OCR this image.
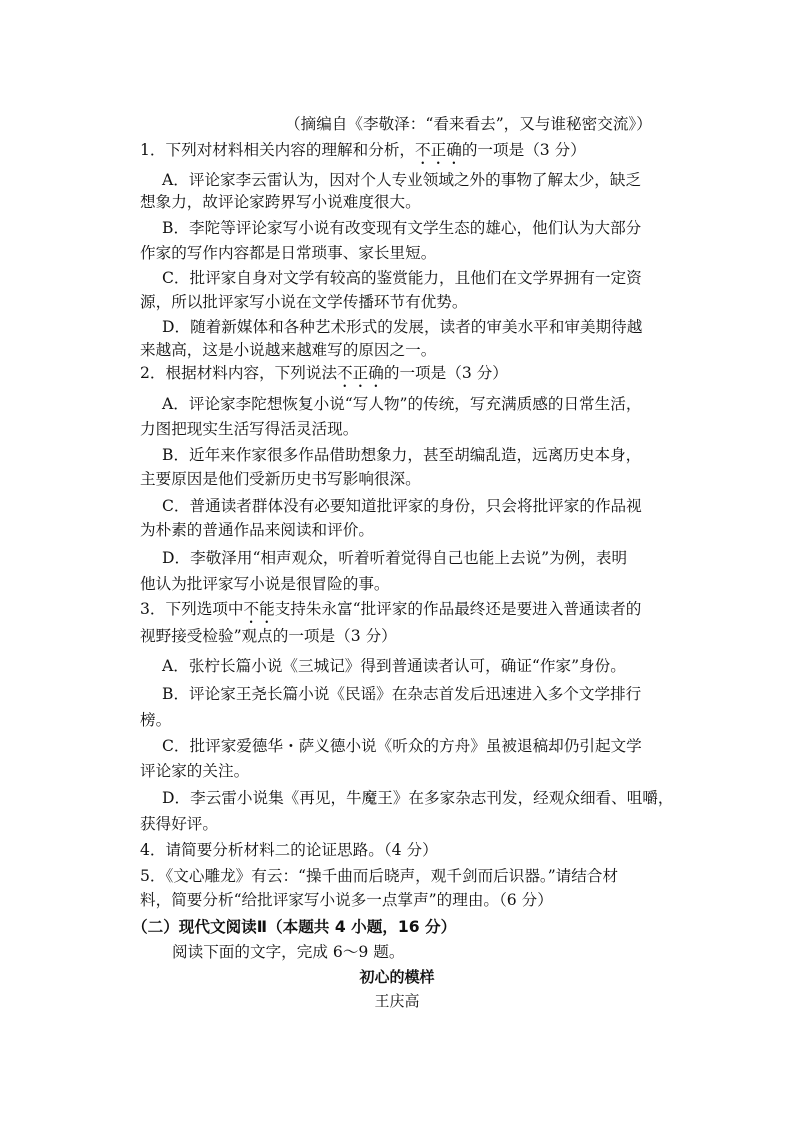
（摘编自《李敬泽：“看来看去”，又与谁秘密交流》）
1．下列对材料相关内容的理解和分析，不正确的一项是（3 分）
A．评论家李云雷认为，因对个人专业领域之外的事物了解太少，缺乏
想象力，故评论家跨界写小说难度很大。
B．李陀等评论家写小说有改变现有文学生态的雄心，他们认为大部分
作家的写作内容都是日常琐事、家长里短。
C．批评家自身对文学有较高的鉴赏能力，且他们在文学界拥有一定资
源，所以批评家写小说在文学传播环节有优势。
D．随着新媒体和各种艺术形式的发展，读者的审美水平和审美期待越
来越高，这是小说越来越难写的原因之一。
2．根据材料内容，下列说法不正确的一项是（3 分）
A．评论家李陀想恢复小说“写人物”的传统，写充满质感的日常生活，
力图把现实生活写得活灵活现。
B．近年来作家很多作品借助想象力，甚至胡编乱造，远离历史本身，
主要原因是他们受新历史书写影响很深。
C．普通读者群体没有必要知道批评家的身份，只会将批评家的作品视
为朴素的普通作品来阅读和评价。
D．李敬泽用“相声观众，听着听着觉得自己也能上去说”为例，表明
他认为批评家写小说是很冒险的事。
3．下列选项中不能支持朱永富“批评家的作品最终还是要进入普通读者的
视野接受检验”观点的一项是（3 分）
A．张柠长篇小说《三城记》得到普通读者认可，确证“作家”身份。
B．评论家王尧长篇小说《民谣》在杂志首发后迅速进入多个文学排行
榜。
C．批评家爱德华・萨义德小说《听众的方舟》虽被退稿却仍引起文学
评论家的关注。
D．李云雷小说集《再见，牛魔王》在多家杂志刊发，经观众细看、咀嚼，
获得好评。
4．请简要分析材料二的论证思路。（4 分）
5．《文心雕龙》有云：“操千曲而后晓声，观千剑而后识器。”请结合材
料，简要分析“给批评家写小说多一点掌声”的理由。（6 分）
（二）现代文阅读Ⅱ（本题共 4 小题，16 分）
阅读下面的文字，完成 6～9 题。
初心的模样
王庆高
